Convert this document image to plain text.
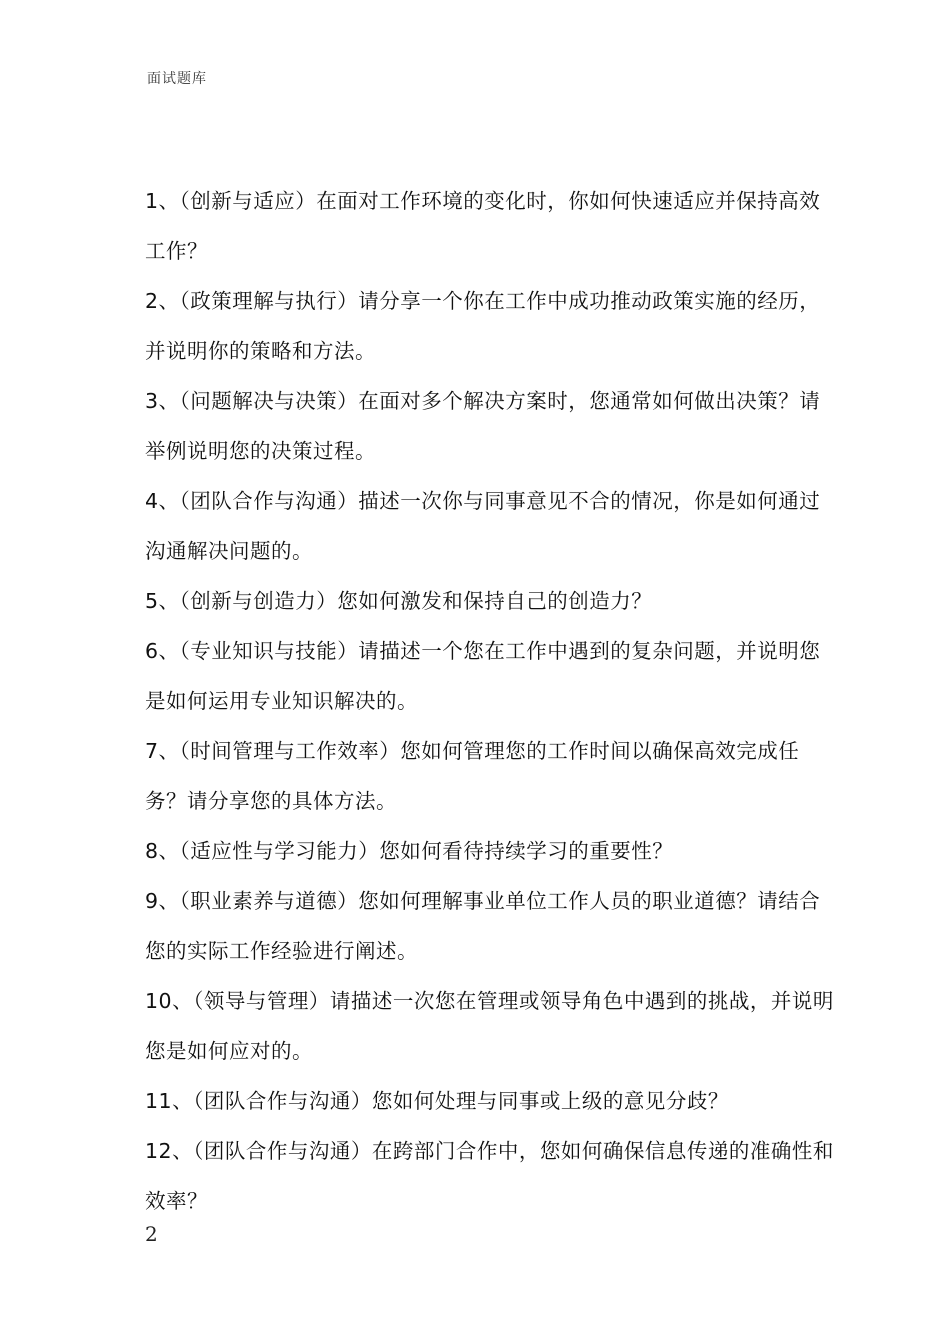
面试题库
1、（创新与适应）在面对工作环境的变化时，你如何快速适应并保持高效工作？
2、（政策理解与执行）请分享一个你在工作中成功推动政策实施的经历，并说明你的策略和方法。
3、（问题解决与决策）在面对多个解决方案时，您通常如何做出决策？请举例说明您的决策过程。
4、（团队合作与沟通）描述一次你与同事意见不合的情况，你是如何通过沟通解决问题的。
5、（创新与创造力）您如何激发和保持自己的创造力？
6、（专业知识与技能）请描述一个您在工作中遇到的复杂问题，并说明您是如何运用专业知识解决的。
7、（时间管理与工作效率）您如何管理您的工作时间以确保高效完成任务？请分享您的具体方法。
8、（适应性与学习能力）您如何看待持续学习的重要性？
9、（职业素养与道德）您如何理解事业单位工作人员的职业道德？请结合您的实际工作经验进行阐述。
10、（领导与管理）请描述一次您在管理或领导角色中遇到的挑战，并说明您是如何应对的。
11、（团队合作与沟通）您如何处理与同事或上级的意见分歧？
12、（团队合作与沟通）在跨部门合作中，您如何确保信息传递的准确性和效率？
2
